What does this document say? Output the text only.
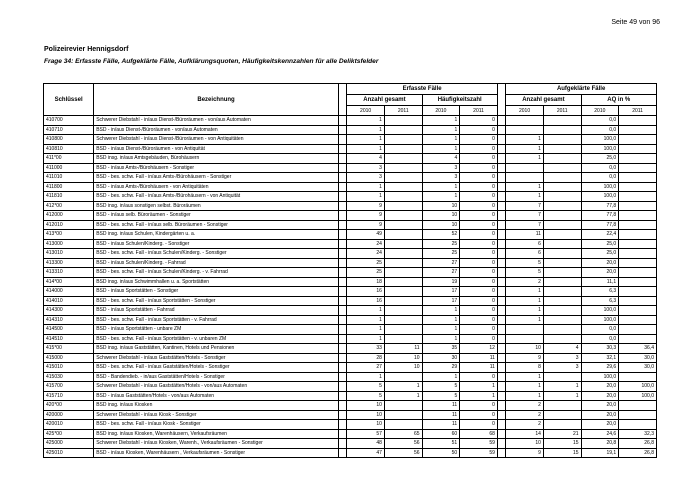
Seite 49 von 96
Polizeirevier Hennigsdorf
Frage 34: Erfasste Fälle, Aufgeklärte Fälle, Aufklärungsquoten, Häufigkeitskennzahlen für alle Deliktsfelder
Schlüssel	Bezeichnung		Erfasste Fälle					Aufgeklärte Fälle			
			Anzahl gesamt		Häufigkeitszahl			Anzahl gesamt		AQ in %	
			2010	2011	2010	2011		2010	2011	2010	2011
410700	Schwerer Diebstahl - in/aus Dienst-/Büroräumen - von/aus Automaten		1		1	0				0,0	
410710	BSD - in/aus Dienst-/Büroräumen - von/aus Automaten		1		1	0				0,0	
410800	Schwerer Diebstahl - in/aus Dienst-/Büroräumen - von Antiquitäten		1		1	0		1		100,0	
410810	BSD - in/aus Dienst-/Büroräumen - von Antiquität		1		1	0		1		100,0	
411*00	BSD insg. in/aus Amtsgebäuden, Bürohäusern		4		4	0		1		25,0	
411000	BSD - in/aus Amts-/Bürohäusern - Sonstiger		3		3	0				0,0	
411010	BSD - bes. schw. Fall - in/aus Amts-/Bürohäusern - Sonstiger		3		3	0				0,0	
411800	BSD - in/aus Amts-/Bürohäusern - von Antiquitäten		1		1	0		1		100,0	
411810	BSD - bes. schw. Fall - in/aus Amts-/Bürohäusern - von Antiquität		1		1	0		1		100,0	
412*00	BSD insg. in/aus sonstigen selbst. Büroräumen		9		10	0		7		77,8	
412000	BSD - in/aus selb. Büroräumen - Sonstiger		9		10	0		7		77,8	
412010	BSD - bes. schw. Fall - in/aus selb. Büroräumen - Sonstiger		9		10	0		7		77,8	
413*00	BSD insg. in/aus Schulen, Kindergärten u. a.		49		52	0		11		22,4	
413000	BSD - in/aus Schulen/Kinderg. - Sonstiger		24		25	0		6		25,0	
413010	BSD - bes. schw. Fall - in/aus Schulen/Kinderg. - Sonstiger		24		25	0		6		25,0	
413300	BSD - in/aus Schulen/Kinderg. - Fahrrad		25		27	0		5		20,0	
413310	BSD - bes. schw. Fall - in/aus Schulen/Kinderg. - v. Fahrrad		25		27	0		5		20,0	
414*00	BSD insg. in/aus Schwimmhallen u. a. Sportstätten		18		19	0		2		11,1	
414000	BSD - in/aus Sportstätten - Sonstiger		16		17	0		1		6,3	
414010	BSD - bes. schw. Fall - in/aus Sportstätten - Sonstiger		16		17	0		1		6,3	
414300	BSD - in/aus Sportstätten - Fahrrad		1		1	0		1		100,0	
414310	BSD - bes. schw. Fall - in/aus Sportstätten - v. Fahrrad		1		1	0		1		100,0	
414500	BSD - in/aus Sportstätten - unbare ZM		1		1	0				0,0	
414510	BSD - bes. schw. Fall - in/aus Sportstätten - v. unbaren ZM		1		1	0				0,0	
415*00	BSD insg. in/aus Gaststätten, Kantinen, Hotels und Pensionen		33	11	35	12		10	4	30,3	36,4
415000	Schwerer Diebstahl - in/aus Gaststätten/Hotels - Sonstiger		28	10	30	11		9	3	32,1	30,0
415010	BSD - bes. schw. Fall - in/aus Gaststätten/Hotels - Sonstiger		27	10	29	11		8	3	29,6	30,0
415030	BSD - Bandendieb. - in/aus Gaststätten/Hotels - Sonstiger		1		1	0		1		100,0	
415700	Schwerer Diebstahl - in/aus Gaststätten/Hotels - von/aus Automaten		5	1	5	1		1	1	20,0	100,0
415710	BSD - in/aus Gaststätten/Hotels - von/aus Automaten		5	1	5	1		1	1	20,0	100,0
420*00	BSD insg. in/aus Kiosken		10		11	0		2		20,0	
420000	Schwerer Diebstahl - in/aus Kiosk - Sonstiger		10		11	0		2		20,0	
420010	BSD - bes. schw. Fall - in/aus Kiosk - Sonstiger		10		11	0		2		20,0	
425*00	BSD insg. in/aus Kiosken, Warenhäusern, Verkaufsräumen		57	65	60	68		14	21	24,6	32,3
425000	Schwerer Diebstahl - in/aus Kiosken, Warenh., Verkaufsräumen - Sonstiger		48	56	51	59		10	15	20,8	26,8
425010	BSD - in/aus Kiosken, Warenhäusern , Verkaufsräumen - Sonstiger		47	56	50	59		9	15	19,1	26,8
